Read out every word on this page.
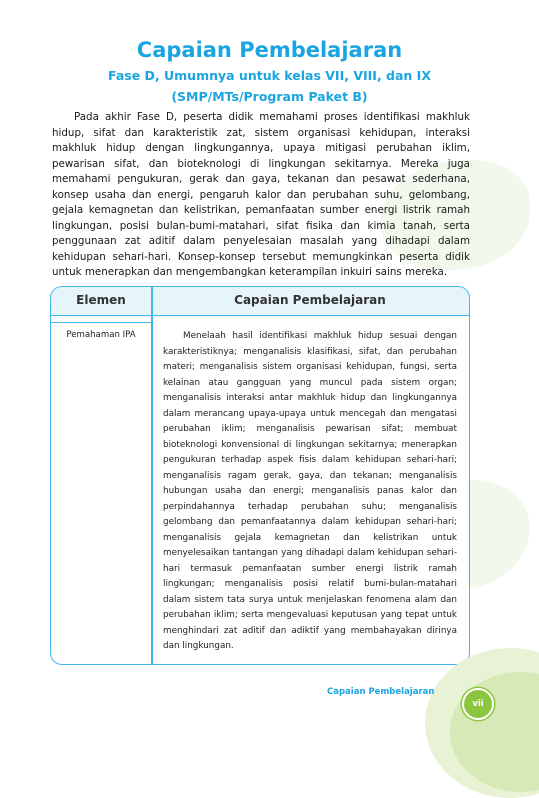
Capaian Pembelajaran
Fase D, Umumnya untuk kelas VII, VIII, dan IX
(SMP/MTs/Program Paket B)

Pada akhir Fase D, peserta didik memahami proses identifikasi makhluk hidup, sifat dan karakteristik zat, sistem organisasi kehidupan, interaksi makhluk hidup dengan lingkungannya, upaya mitigasi perubahan iklim, pewarisan sifat, dan bioteknologi di lingkungan sekitarnya. Mereka juga memahami pengukuran, gerak dan gaya, tekanan dan pesawat sederhana, konsep usaha dan energi, pengaruh kalor dan perubahan suhu, gelombang, gejala kemagnetan dan kelistrikan, pemanfaatan sumber energi listrik ramah lingkungan, posisi bulan-bumi-matahari, sifat fisika dan kimia tanah, serta penggunaan zat aditif dalam penyelesaian masalah yang dihadapi dalam kehidupan sehari-hari. Konsep-konsep tersebut memungkinkan peserta didik untuk menerapkan dan mengembangkan keterampilan inkuiri sains mereka.

Elemen	Capaian Pembelajaran
Pemahaman IPA	Menelaah hasil identifikasi makhluk hidup sesuai dengan karakteristiknya; menganalisis klasifikasi, sifat, dan perubahan materi; menganalisis sistem organisasi kehidupan, fungsi, serta kelainan atau gangguan yang muncul pada sistem organ; menganalisis interaksi antar makhluk hidup dan lingkungannya dalam merancang upaya-upaya untuk mencegah dan mengatasi perubahan iklim; menganalisis pewarisan sifat; membuat bioteknologi konvensional di lingkungan sekitarnya; menerapkan pengukuran terhadap aspek fisis dalam kehidupan sehari-hari; menganalisis ragam gerak, gaya, dan tekanan; menganalisis hubungan usaha dan energi; menganalisis panas kalor dan perpindahannya terhadap perubahan suhu; menganalisis gelombang dan pemanfaatannya dalam kehidupan sehari-hari; menganalisis gejala kemagnetan dan kelistrikan untuk menyelesaikan tantangan yang dihadapi dalam kehidupan sehari-hari termasuk pemanfaatan sumber energi listrik ramah lingkungan; menganalisis posisi relatif bumi-bulan-matahari dalam sistem tata surya untuk menjelaskan fenomena alam dan perubahan iklim; serta mengevaluasi keputusan yang tepat untuk menghindari zat aditif dan adiktif yang membahayakan dirinya dan lingkungan.

Capaian Pembelajaran
vii
